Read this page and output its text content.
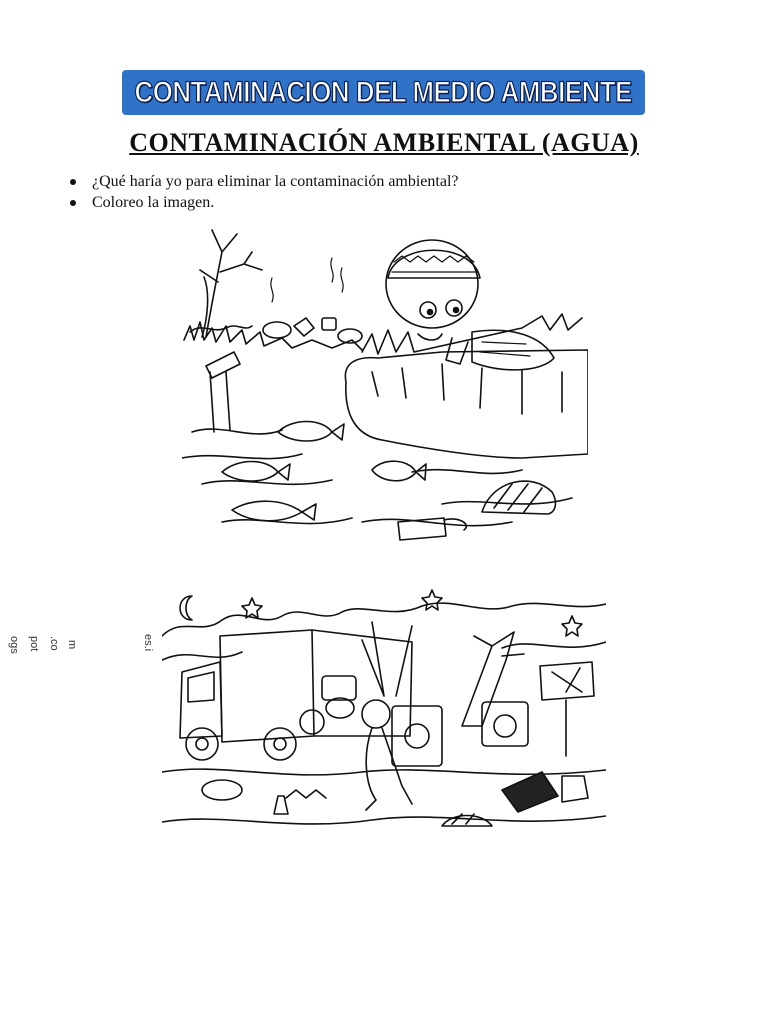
CONTAMINACION DEL MEDIO AMBIENTE
CONTAMINACIÓN AMBIENTAL (AGUA)
¿Qué haría yo para eliminar la contaminación ambiental?
Coloreo la imagen.
ogs pot .co m	es.i
